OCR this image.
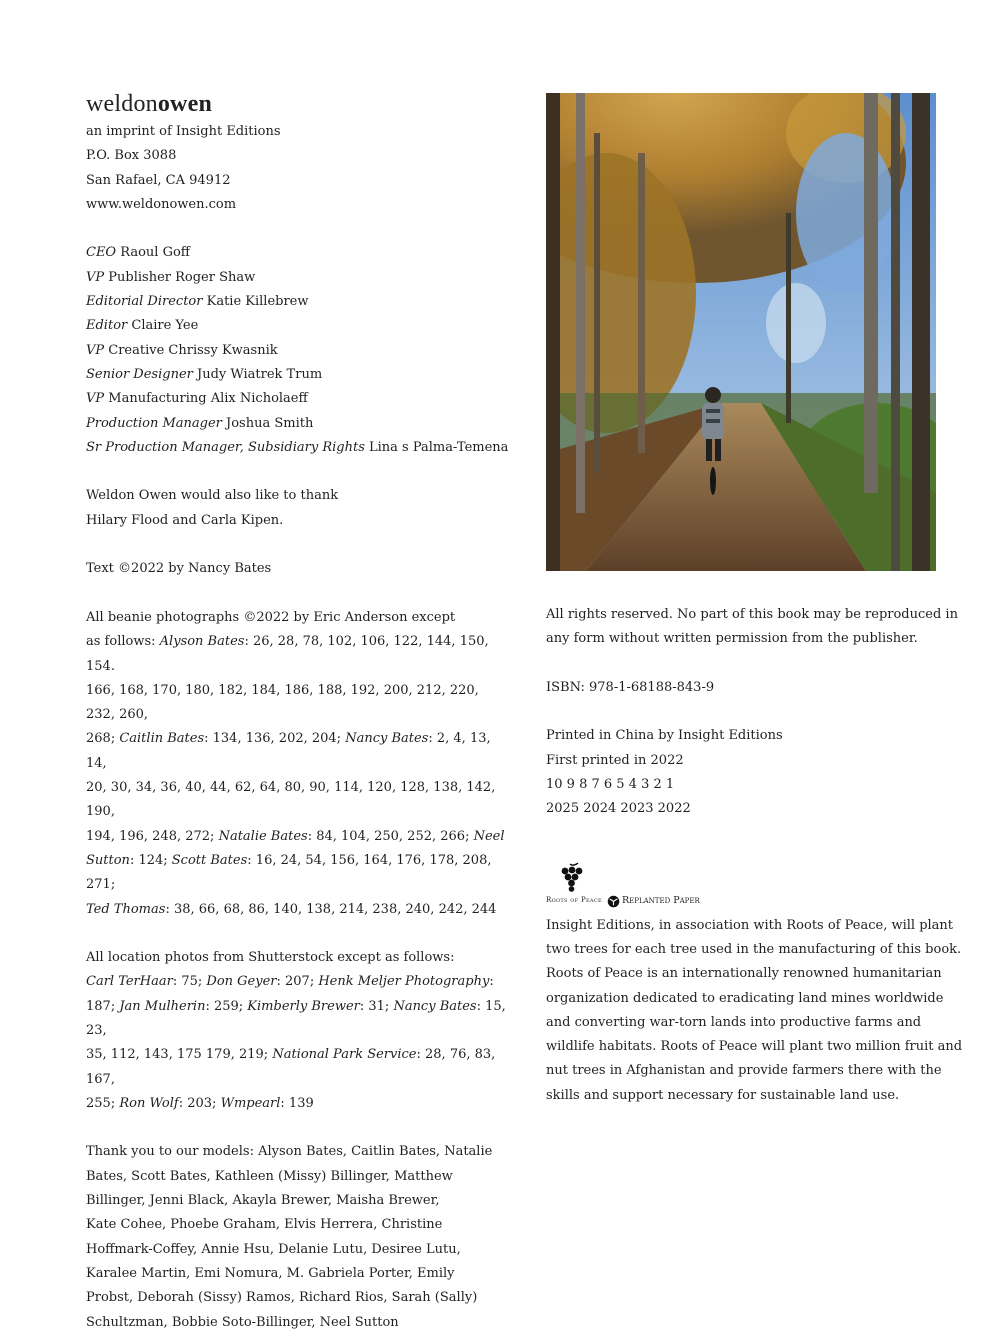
weldonowen
an imprint of Insight Editions
P.O. Box 3088
San Rafael, CA 94912
www.weldonowen.com
CEO Raoul Goff
VP Publisher Roger Shaw
Editorial Director Katie Killebrew
Editor Claire Yee
VP Creative Chrissy Kwasnik
Senior Designer Judy Wiatrek Trum
VP Manufacturing Alix Nicholaeff
Production Manager Joshua Smith
Sr Production Manager, Subsidiary Rights Lina s Palma-Temena
Weldon Owen would also like to thank
Hilary Flood and Carla Kipen.
Text ©2022 by Nancy Bates
All beanie photographs ©2022 by Eric Anderson except
as follows: Alyson Bates: 26, 28, 78, 102, 106, 122, 144, 150, 154.
166, 168, 170, 180, 182, 184, 186, 188, 192, 200, 212, 220, 232, 260,
268; Caitlin Bates: 134, 136, 202, 204; Nancy Bates: 2, 4, 13, 14,
20, 30, 34, 36, 40, 44, 62, 64, 80, 90, 114, 120, 128, 138, 142, 190,
194, 196, 248, 272; Natalie Bates: 84, 104, 250, 252, 266; Neel
Sutton: 124; Scott Bates: 16, 24, 54, 156, 164, 176, 178, 208, 271;
Ted Thomas: 38, 66, 68, 86, 140, 138, 214, 238, 240, 242, 244
All location photos from Shutterstock except as follows:
Carl TerHaar: 75; Don Geyer: 207; Henk Meljer Photography:
187; Jan Mulherin: 259; Kimberly Brewer: 31; Nancy Bates: 15, 23,
35, 112, 143, 175 179, 219; National Park Service: 28, 76, 83, 167,
255; Ron Wolf: 203; Wmpearl: 139
Thank you to our models: Alyson Bates, Caitlin Bates, Natalie
Bates, Scott Bates, Kathleen (Missy) Billinger, Matthew
Billinger, Jenni Black, Akayla Brewer, Maisha Brewer,
Kate Cohee, Phoebe Graham, Elvis Herrera, Christine
Hoffmark-Coffey, Annie Hsu, Delanie Lutu, Desiree Lutu,
Karalee Martin, Emi Nomura, M. Gabriela Porter, Emily
Probst, Deborah (Sissy) Ramos, Richard Rios, Sarah (Sally)
Schultzman, Bobbie Soto-Billinger, Neel Sutton
All rights reserved. No part of this book may be reproduced in
any form without written permission from the publisher.
ISBN: 978-1-68188-843-9
Printed in China by Insight Editions
First printed in 2022
10 9 8 7 6 5 4 3 2 1
2025 2024 2023 2022
Roots of Peace Replanted Paper
Insight Editions, in association with Roots of Peace, will plant
two trees for each tree used in the manufacturing of this book.
Roots of Peace is an internationally renowned humanitarian
organization dedicated to eradicating land mines worldwide
and converting war-torn lands into productive farms and
wildlife habitats. Roots of Peace will plant two million fruit and
nut trees in Afghanistan and provide farmers there with the
skills and support necessary for sustainable land use.
